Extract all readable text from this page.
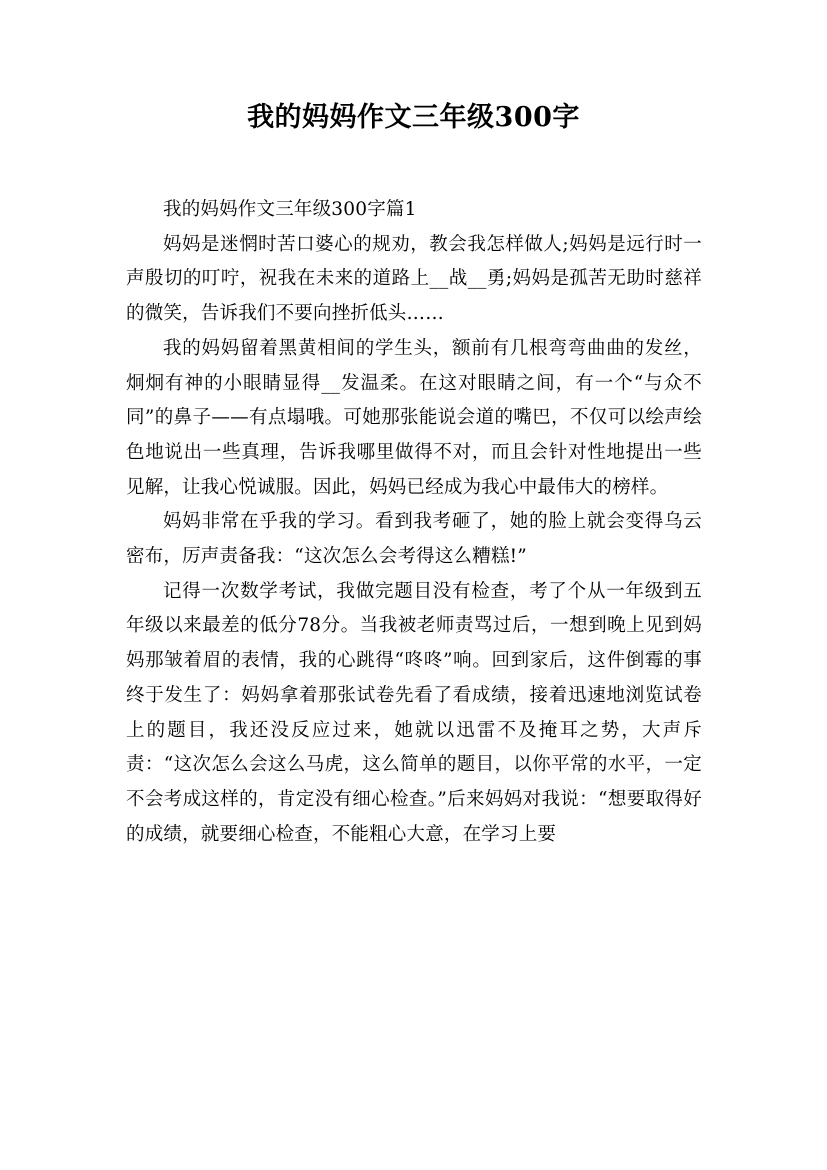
我的妈妈作文三年级300字

我的妈妈作文三年级300字篇1

妈妈是迷惘时苦口婆心的规劝，教会我怎样做人;妈妈是远行时一声殷切的叮咛，祝我在未来的道路上__战__勇;妈妈是孤苦无助时慈祥的微笑，告诉我们不要向挫折低头……

我的妈妈留着黑黄相间的学生头，额前有几根弯弯曲曲的发丝，炯炯有神的小眼睛显得__发温柔。在这对眼睛之间，有一个“与众不同”的鼻子——有点塌哦。可她那张能说会道的嘴巴，不仅可以绘声绘色地说出一些真理，告诉我哪里做得不对，而且会针对性地提出一些见解，让我心悦诚服。因此，妈妈已经成为我心中最伟大的榜样。

妈妈非常在乎我的学习。看到我考砸了，她的脸上就会变得乌云密布，厉声责备我：“这次怎么会考得这么糟糕!”

记得一次数学考试，我做完题目没有检查，考了个从一年级到五年级以来最差的低分78分。当我被老师责骂过后，一想到晚上见到妈妈那皱着眉的表情，我的心跳得“咚咚”响。回到家后，这件倒霉的事终于发生了：妈妈拿着那张试卷先看了看成绩，接着迅速地浏览试卷上的题目，我还没反应过来，她就以迅雷不及掩耳之势，大声斥责：“这次怎么会这么马虎，这么简单的题目，以你平常的水平，一定不会考成这样的，肯定没有细心检查。”后来妈妈对我说：“想要取得好的成绩，就要细心检查，不能粗心大意，在学习上要
